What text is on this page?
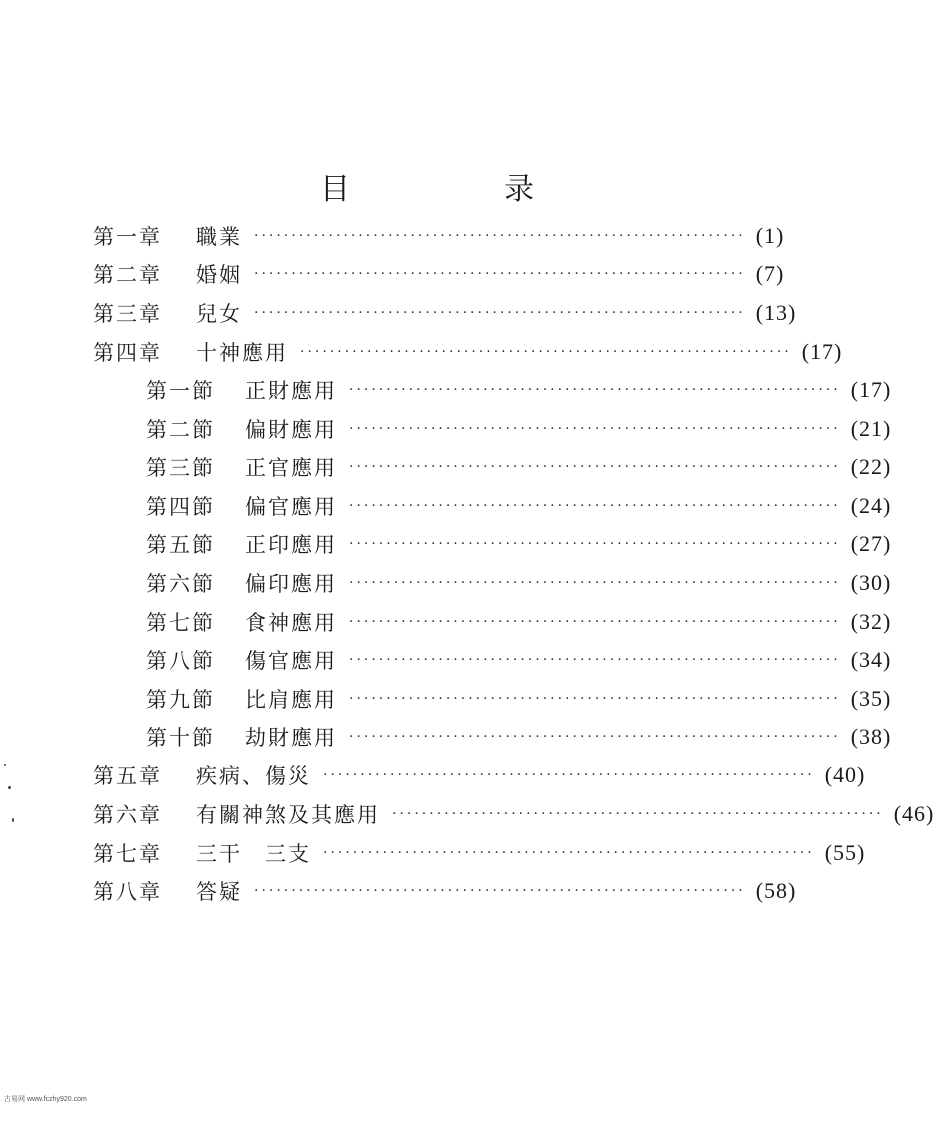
目　录
第一章 職業 ·································································· (1)
第二章 婚姻 ·································································· (7)
第三章 兒女 ·································································· (13)
第四章 十神應用 ·································································· (17)
第一節 正財應用 ·································································· (17)
第二節 偏財應用 ·································································· (21)
第三節 正官應用 ·································································· (22)
第四節 偏官應用 ·································································· (24)
第五節 正印應用 ·································································· (27)
第六節 偏印應用 ·································································· (30)
第七節 食神應用 ·································································· (32)
第八節 傷官應用 ·································································· (34)
第九節 比肩應用 ·································································· (35)
第十節 劫財應用 ·································································· (38)
第五章 疾病、傷災 ·································································· (40)
第六章 有關神煞及其應用 ·································································· (46)
第七章 三干　三支 ·································································· (55)
第八章 答疑 ·································································· (58)
古易网 www.fczhy920.com
